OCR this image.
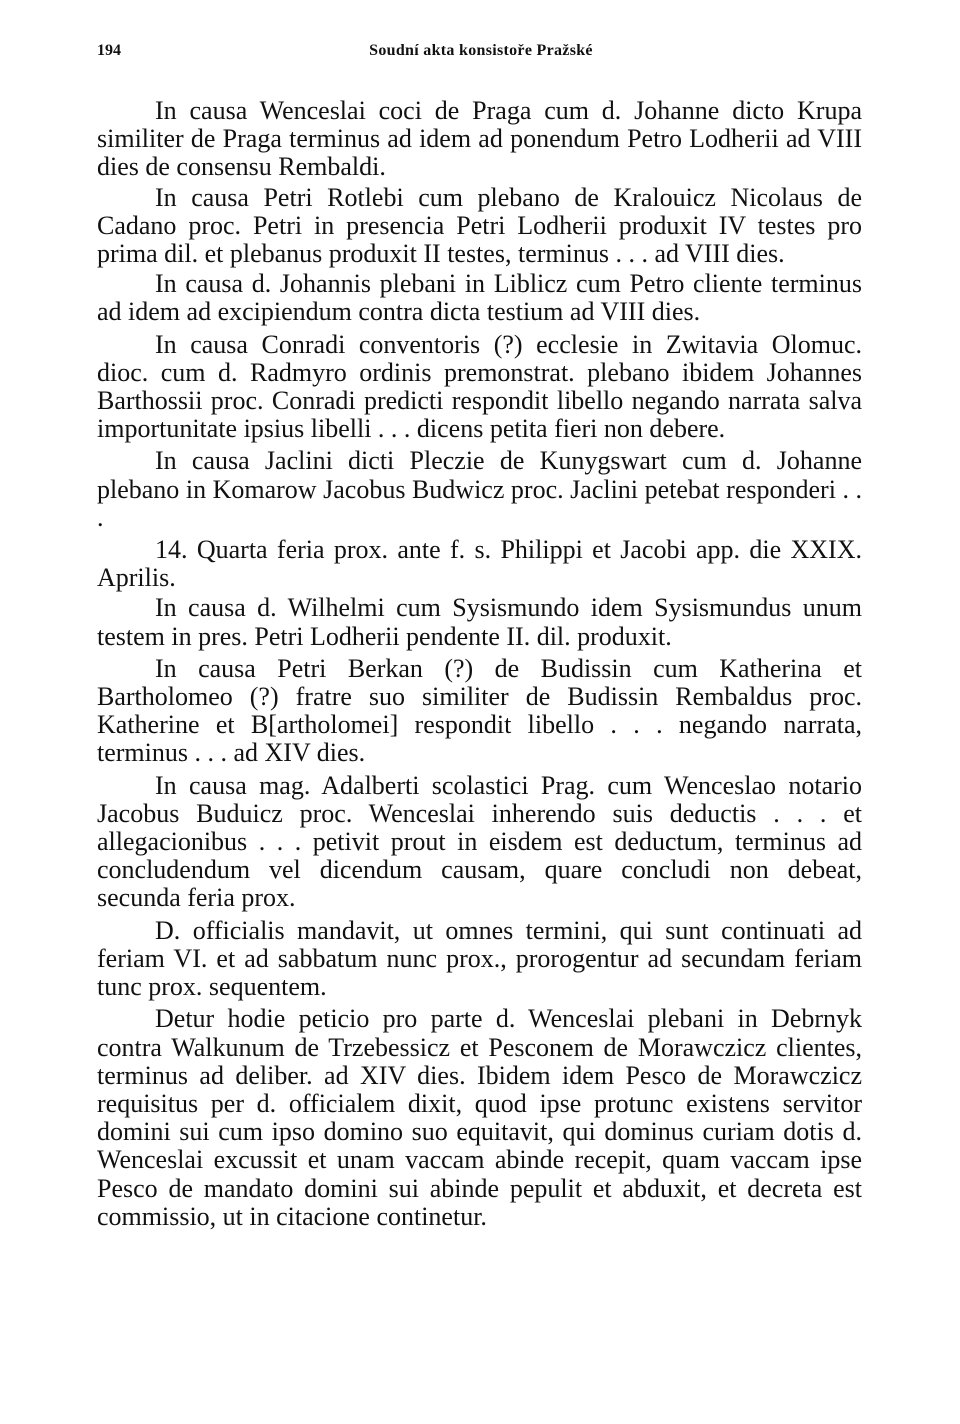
194	Soudní akta konsistoře Pražské

In causa Wenceslai coci de Praga cum d. Johanne dicto Krupa similiter de Praga terminus ad idem ad ponendum Petro Lodherii ad VIII dies de consensu Rembaldi.

In causa Petri Rotlebi cum plebano de Kralouicz Nicolaus de Cadano proc. Petri in presencia Petri Lodherii produxit IV testes pro prima dil. et plebanus produxit II testes, terminus . . . ad VIII dies.

In causa d. Johannis plebani in Liblicz cum Petro cliente terminus ad idem ad excipiendum contra dicta testium ad VIII dies.

In causa Conradi conventoris (?) ecclesie in Zwitavia Olomuc. dioc. cum d. Radmyro ordinis premonstrat. plebano ibidem Johannes Barthossii proc. Conradi predicti respondit libello negando narrata salva importunitate ipsius libelli . . . dicens petita fieri non debere.

In causa Jaclini dicti Pleczie de Kunygswart cum d. Johanne plebano in Komarow Jacobus Budwicz proc. Jaclini petebat responderi . . .

14. Quarta feria prox. ante f. s. Philippi et Jacobi app. die XXIX. Aprilis.

In causa d. Wilhelmi cum Sysismundo idem Sysismundus unum testem in pres. Petri Lodherii pendente II. dil. produxit.

In causa Petri Berkan (?) de Budissin cum Katherina et Bartholomeo (?) fratre suo similiter de Budissin Rembaldus proc. Katherine et B[artholomei] respondit libello . . . negando narrata, terminus . . . ad XIV dies.

In causa mag. Adalberti scolastici Prag. cum Wenceslao notario Jacobus Buduicz proc. Wenceslai inherendo suis deductis . . . et allegacionibus . . . petivit prout in eisdem est deductum, terminus ad concludendum vel dicendum causam, quare concludi non debeat, secunda feria prox.

D. officialis mandavit, ut omnes termini, qui sunt continuati ad feriam VI. et ad sabbatum nunc prox., prorogentur ad secundam feriam tunc prox. sequentem.

Detur hodie peticio pro parte d. Wenceslai plebani in Debrnyk contra Walkunum de Trzebessicz et Pesconem de Morawczicz clientes, terminus ad deliber. ad XIV dies. Ibidem idem Pesco de Morawczicz requisitus per d. officialem dixit, quod ipse protunc existens servitor domini sui cum ipso domino suo equitavit, qui dominus curiam dotis d. Wenceslai excussit et unam vaccam abinde recepit, quam vaccam ipse Pesco de mandato domini sui abinde pepulit et abduxit, et decreta est commissio, ut in citacione continetur.
